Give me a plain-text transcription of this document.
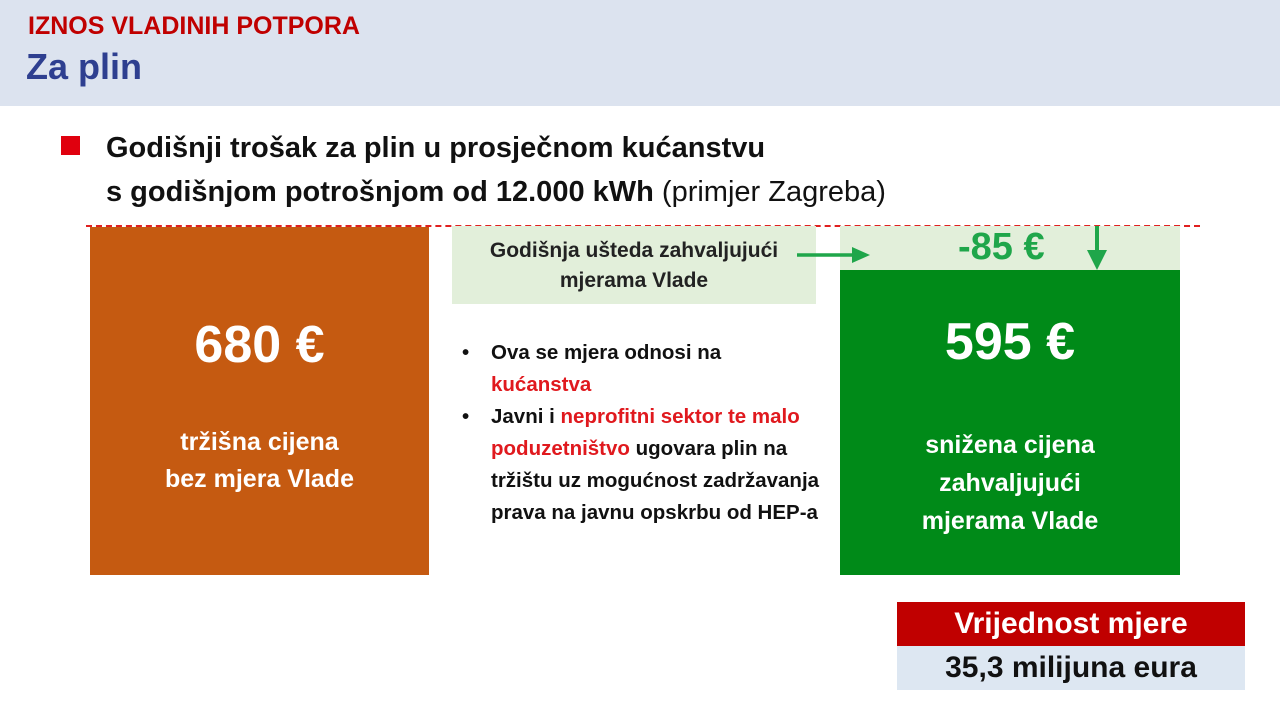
IZNOS VLADINIH POTPORA
Za plin
Godišnji trošak za plin u prosječnom kućanstvu
s godišnjom potrošnjom od 12.000 kWh (primjer Zagreba)
680 €
tržišna cijena
bez mjera Vlade
Godišnja ušteda zahvaljujući
mjerama Vlade
-85 €
595 €
snižena cijena
zahvaljujući
mjerama Vlade
• Ova se mjera odnosi na kućanstva
• Javni i neprofitni sektor te malo poduzetništvo ugovara plin na tržištu uz mogućnost zadržavanja prava na javnu opskrbu od HEP-a
Vrijednost mjere
35,3 milijuna eura
